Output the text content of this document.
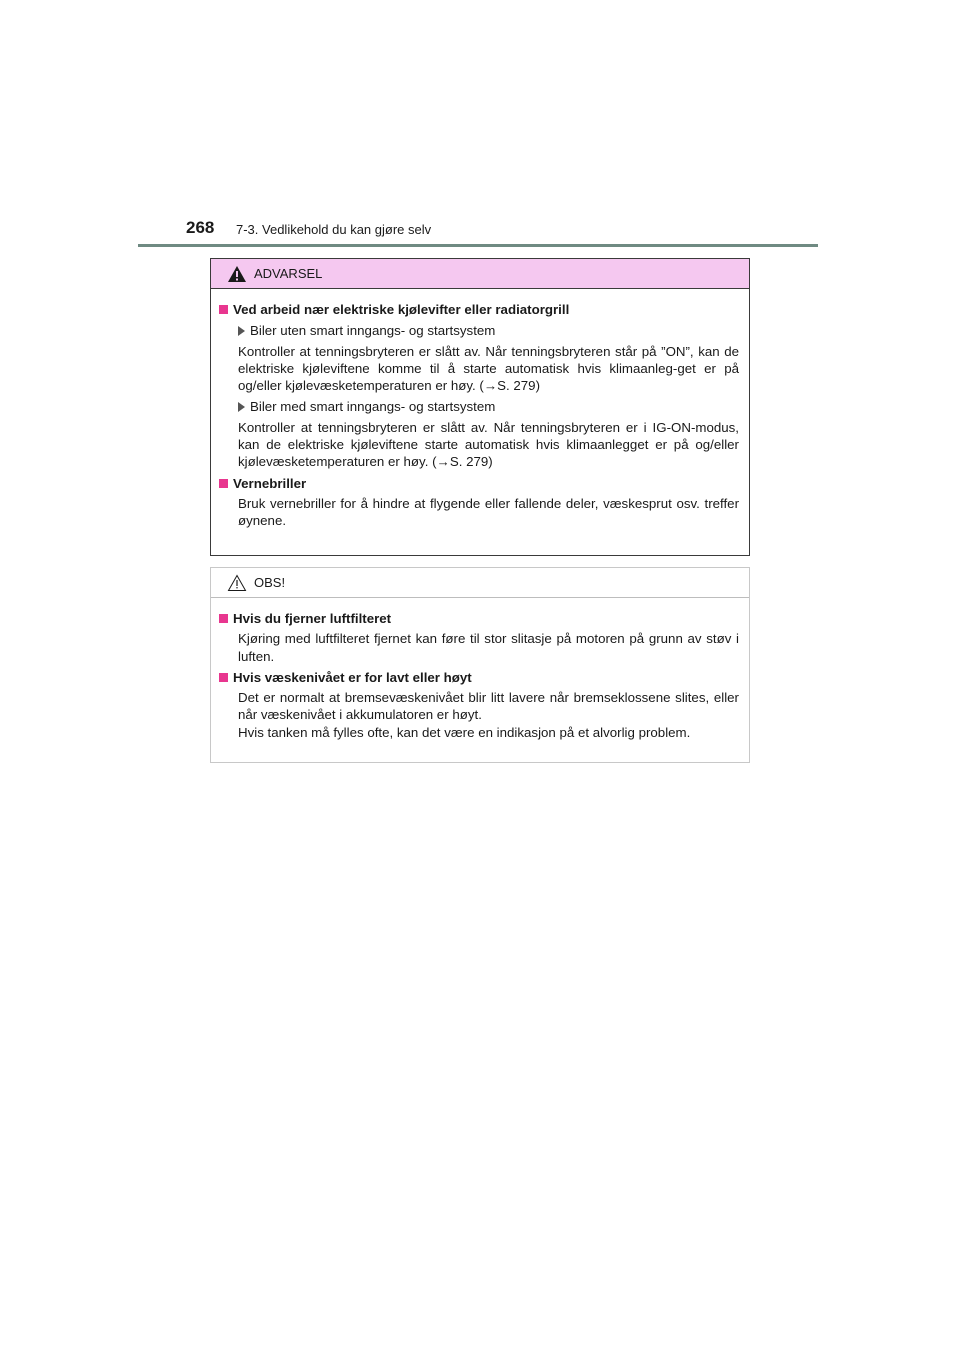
268 7-3. Vedlikehold du kan gjøre selv
ADVARSEL
Ved arbeid nær elektriske kjølevifter eller radiatorgrill
Biler uten smart inngangs- og startsystem
Kontroller at tenningsbryteren er slått av. Når tenningsbryteren står på ”ON”, kan de elektriske kjøleviftene komme til å starte automatisk hvis klimaanleg-get er på og/eller kjølevæsketemperaturen er høy. (→S. 279)
Biler med smart inngangs- og startsystem
Kontroller at tenningsbryteren er slått av. Når tenningsbryteren er i IG-ON-modus, kan de elektriske kjøleviftene starte automatisk hvis klimaanlegget er på og/eller kjølevæsketemperaturen er høy. (→S. 279)
Vernebriller
Bruk vernebriller for å hindre at flygende eller fallende deler, væskesprut osv. treffer øynene.
OBS!
Hvis du fjerner luftfilteret
Kjøring med luftfilteret fjernet kan føre til stor slitasje på motoren på grunn av støv i luften.
Hvis væskenivået er for lavt eller høyt
Det er normalt at bremsevæskenivået blir litt lavere når bremseklossene slites, eller når væskenivået i akkumulatoren er høyt.
Hvis tanken må fylles ofte, kan det være en indikasjon på et alvorlig problem.
